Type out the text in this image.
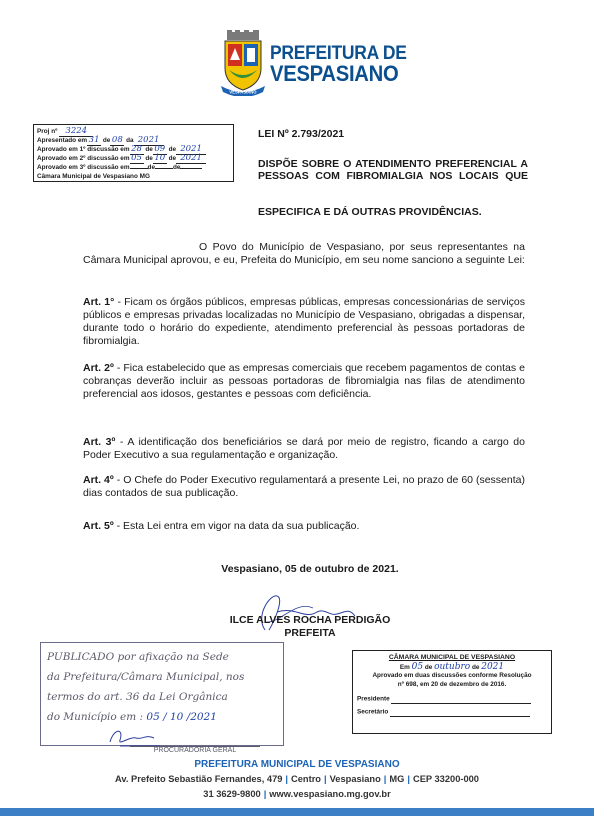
VESPASIANO
PREFEITURA DE
VESPASIANO
Proj nº 3224
Apresentado em 31 de 08 da 2021
Aprovado em 1º discussão em 28 de 09 de 2021
Aprovado em 2º discussão em 05 de 10 de 2021
Aprovado em 3º discussão em	de	de
Câmara Municipal de Vespasiano MG
LEI Nº 2.793/2021
DISPÕE SOBRE O ATENDIMENTO PREFERENCIAL A PESSOAS COM FIBROMIALGIA NOS LOCAIS QUE
ESPECIFICA E DÁ OUTRAS PROVIDÊNCIAS.
O Povo do Município de Vespasiano, por seus representantes na Câmara Municipal aprovou, e eu, Prefeita do Município, em seu nome sanciono a seguinte Lei:
Art. 1° - Ficam os órgãos públicos, empresas públicas, empresas concessionárias de serviços públicos e empresas privadas localizadas no Município de Vespasiano, obrigadas a dispensar, durante todo o horário do expediente, atendimento preferencial às pessoas portadoras de fibromialgia.
Art. 2º - Fica estabelecido que as empresas comerciais que recebem pagamentos de contas e cobranças deverão incluir as pessoas portadoras de fibromialgia nas filas de atendimento preferencial aos idosos, gestantes e pessoas com deficiência.
Art. 3º - A identificação dos beneficiários se dará por meio de registro, ficando a cargo do Poder Executivo a sua regulamentação e organização.
Art. 4º - O Chefe do Poder Executivo regulamentará a presente Lei, no prazo de 60 (sessenta) dias contados de sua publicação.
Art. 5º - Esta Lei entra em vigor na data da sua publicação.
Vespasiano, 05 de outubro de 2021.
ILCE ALVES ROCHA PERDIGÃO
PREFEITA
PUBLICADO por afixação na Sede
da Prefeitura/Câmara Municipal, nos
termos do art. 36 da Lei Orgânica
do Município em : 05 / 10 /2021
PROCURADORIA GERAL
CÂMARA MUNICIPAL DE VESPASIANO
Em 05 de outubro de 2021
Aprovado em duas discussões conforme Resolução
nº 698, em 20 de dezembro de 2016.
Presidente
Secretário
PREFEITURA MUNICIPAL DE VESPASIANO
Av. Prefeito Sebastião Fernandes, 479 | Centro | Vespasiano | MG | CEP 33200-000
31 3629-9800 | www.vespasiano.mg.gov.br
